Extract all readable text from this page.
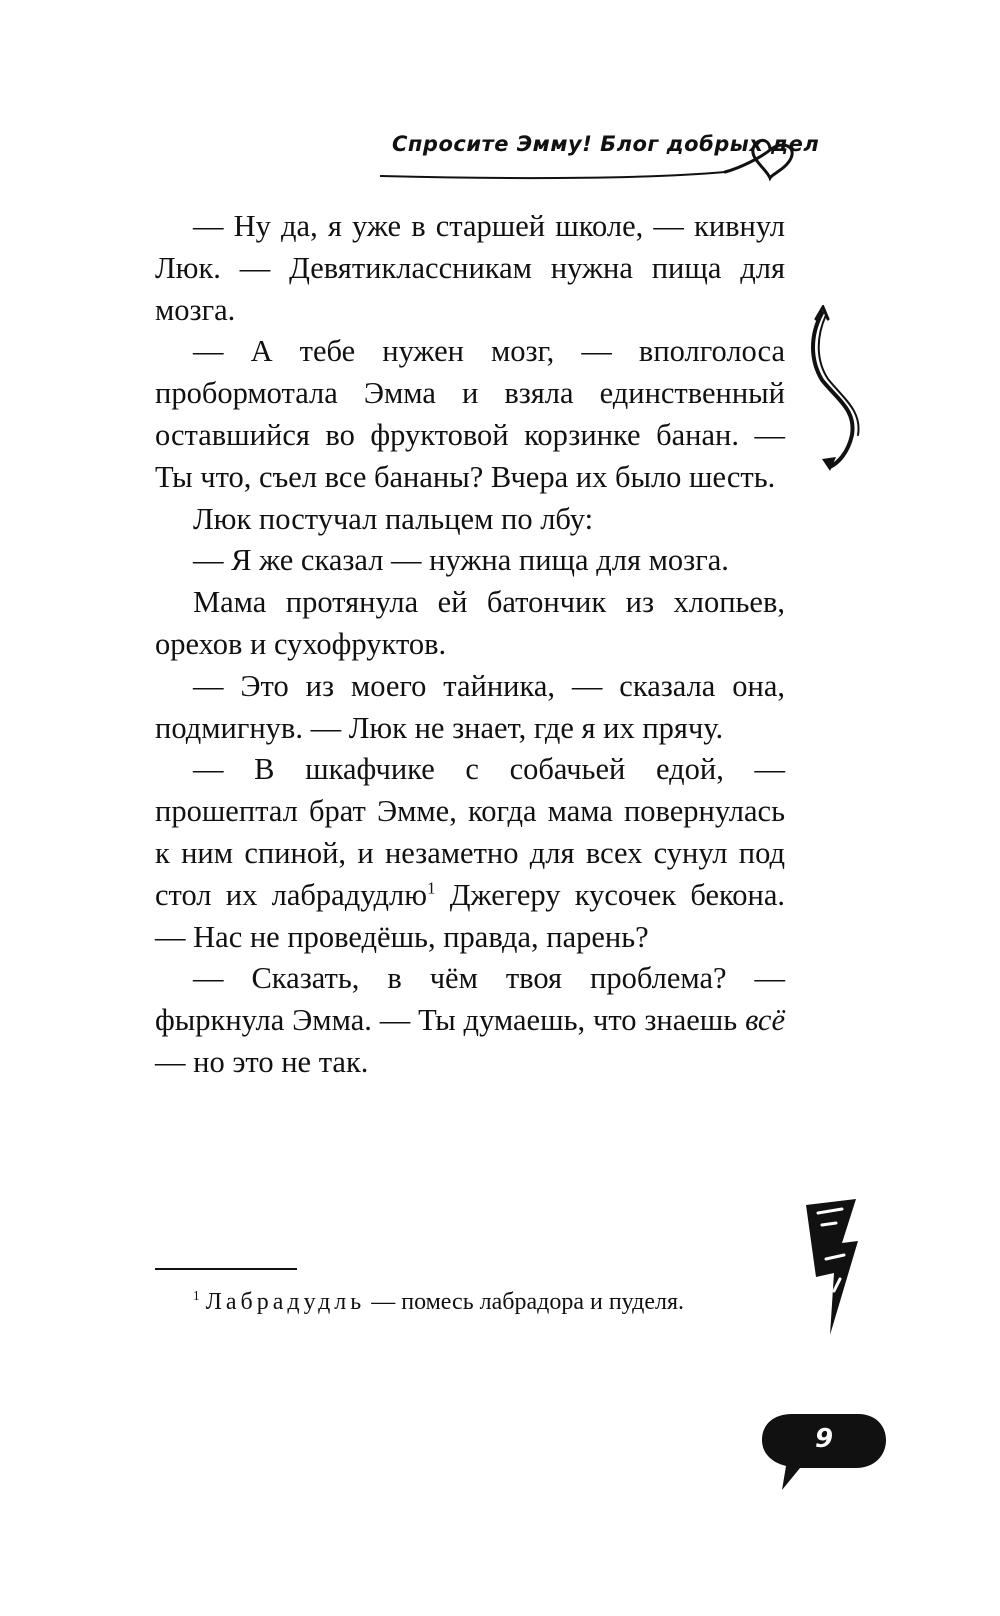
Спросите Эмму! Блог добрых дел

— Ну да, я уже в старшей школе, — кивнул Люк. — Девятиклассникам нужна пища для мозга.

— А тебе нужен мозг, — вполголоса пробормотала Эмма и взяла единственный оставшийся во фруктовой корзинке банан. — Ты что, съел все бананы? Вчера их было шесть.

Люк постучал пальцем по лбу:

— Я же сказал — нужна пища для мозга.

Мама протянула ей батончик из хлопьев, орехов и сухофруктов.

— Это из моего тайника, — сказала она, подмигнув. — Люк не знает, где я их прячу.

— В шкафчике с собачьей едой, — прошептал брат Эмме, когда мама повернулась к ним спиной, и незаметно для всех сунул под стол их лабрадудлю$^1$ Джегеру кусочек бекона. — Нас не проведёшь, правда, парень?

— Сказать, в чём твоя проблема? — фыркнула Эмма. — Ты думаешь, что знаешь всё — но это не так.

$^1$ Лабрадудль — помесь лабрадора и пуделя.
9
